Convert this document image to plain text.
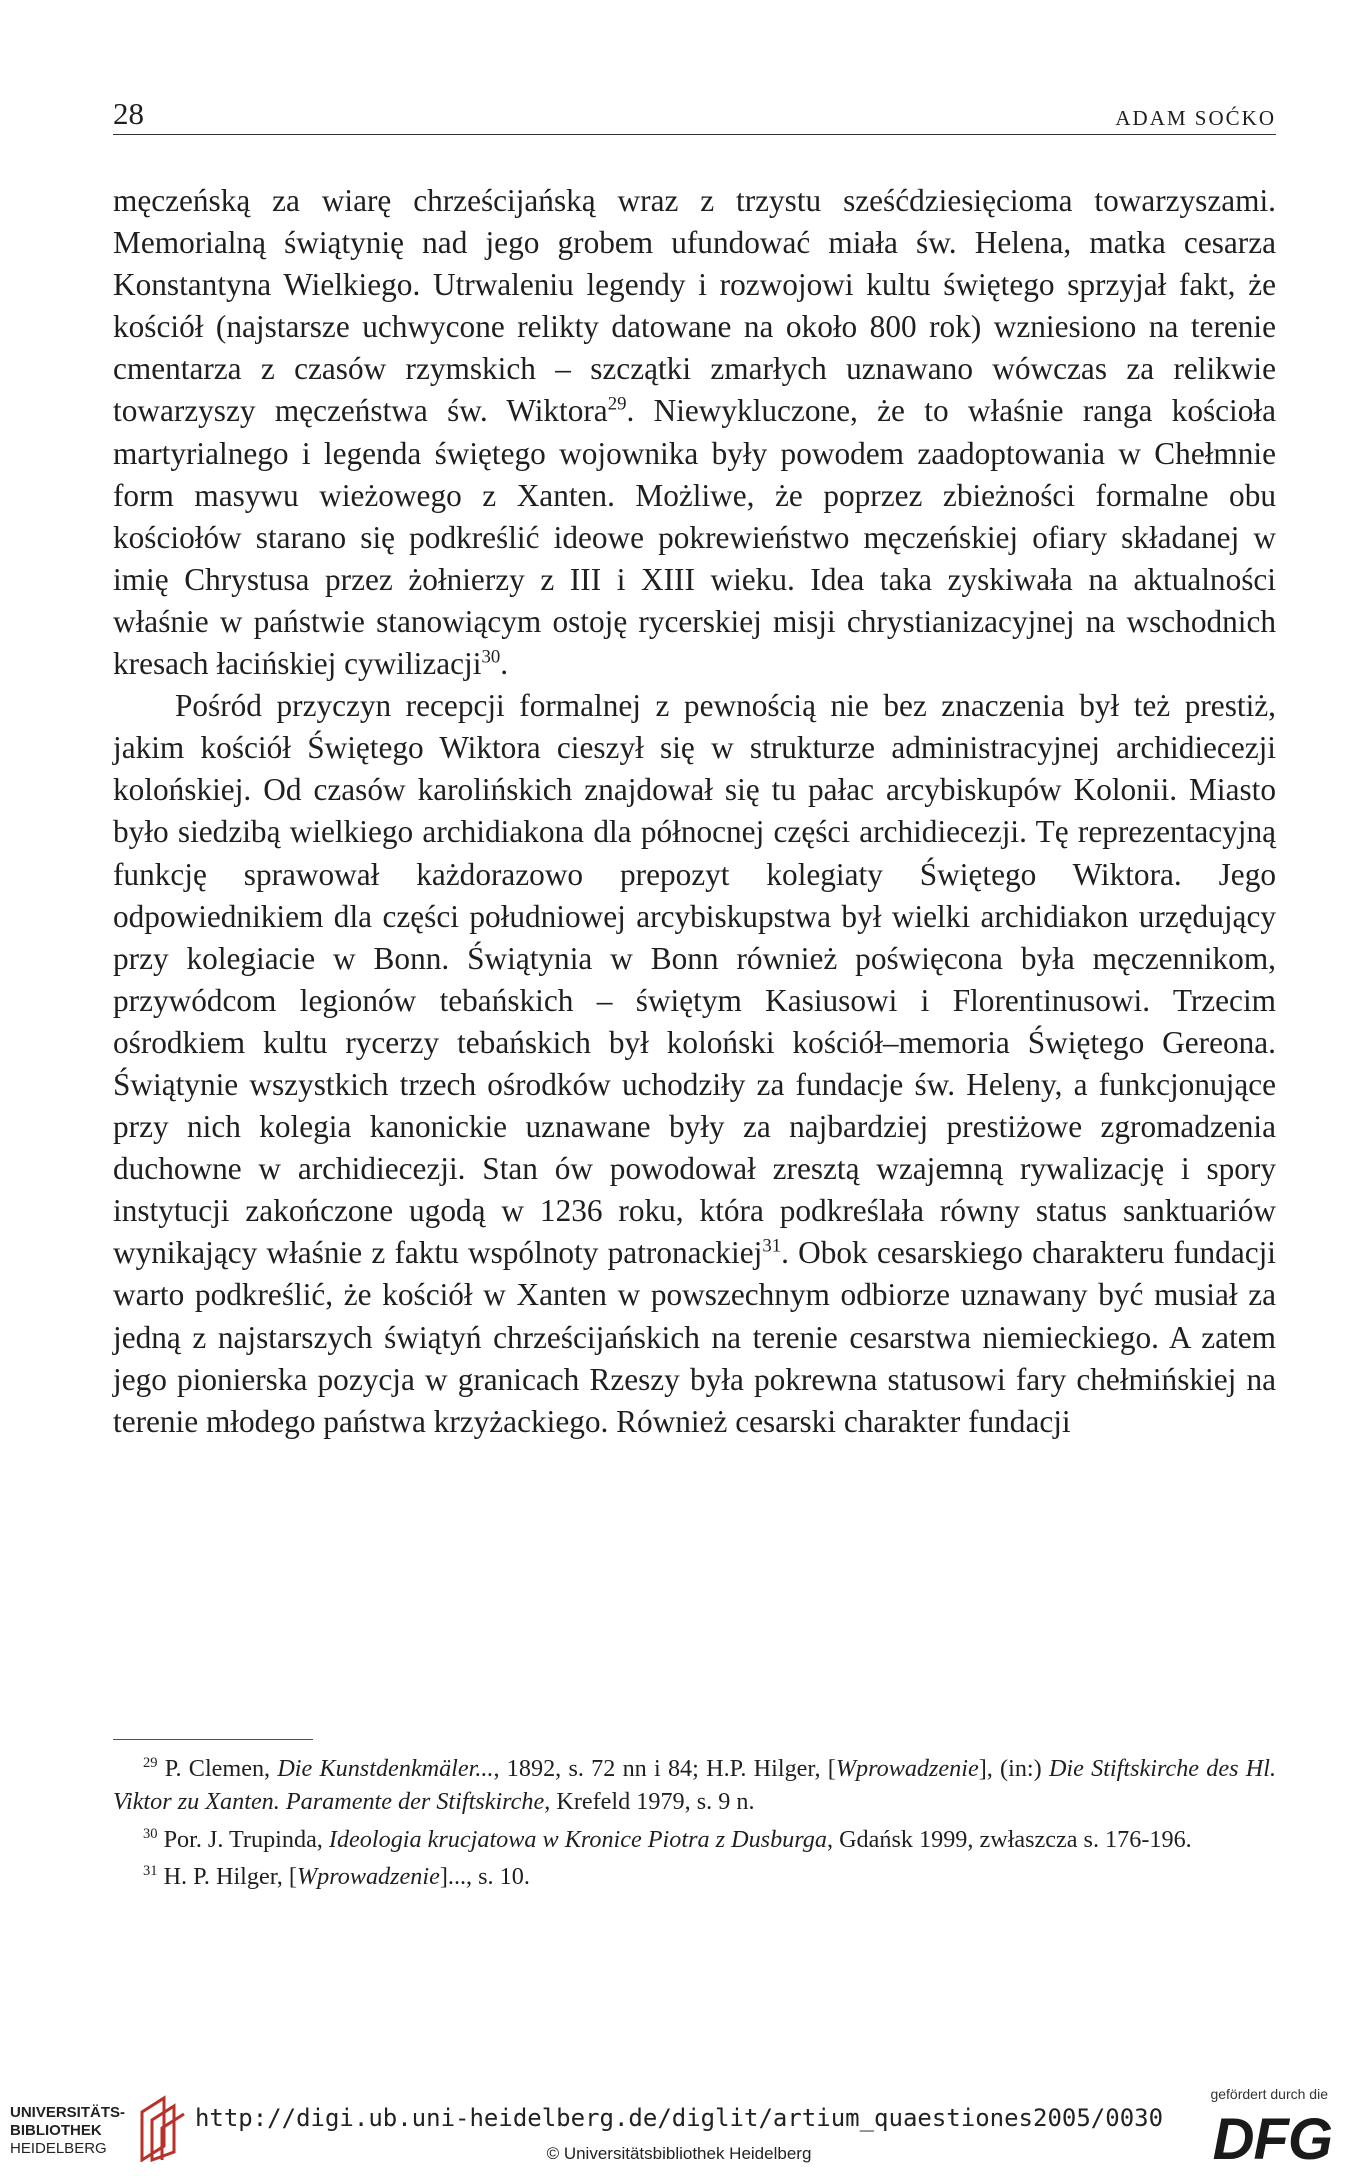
28	ADAM SOĆKO

męczeńską za wiarę chrześcijańską wraz z trzystu sześćdziesięcioma towarzyszami. Memorialną świątynię nad jego grobem ufundować miała św. Helena, matka cesarza Konstantyna Wielkiego. Utrwaleniu legendy i rozwojowi kultu świętego sprzyjał fakt, że kościół (najstarsze uchwycone relikty datowane na około 800 rok) wzniesiono na terenie cmentarza z czasów rzymskich – szczątki zmarłych uznawano wówczas za relikwie towarzyszy męczeństwa św. Wiktora$^{29}$. Niewykluczone, że to właśnie ranga kościoła martyrialnego i legenda świętego wojownika były powodem zaadoptowania w Chełmnie form masywu wieżowego z Xanten. Możliwe, że poprzez zbieżności formalne obu kościołów starano się podkreślić ideowe pokrewieństwo męczeńskiej ofiary składanej w imię Chrystusa przez żołnierzy z III i XIII wieku. Idea taka zyskiwała na aktualności właśnie w państwie stanowiącym ostoję rycerskiej misji chrystianizacyjnej na wschodnich kresach łacińskiej cywilizacji$^{30}$.

Pośród przyczyn recepcji formalnej z pewnością nie bez znaczenia był też prestiż, jakim kościół Świętego Wiktora cieszył się w strukturze administracyjnej archidiecezji kolońskiej. Od czasów karolińskich znajdował się tu pałac arcybiskupów Kolonii. Miasto było siedzibą wielkiego archidiakona dla północnej części archidiecezji. Tę reprezentacyjną funkcję sprawował każdorazowo prepozyt kolegiaty Świętego Wiktora. Jego odpowiednikiem dla części południowej arcybiskupstwa był wielki archidiakon urzędujący przy kolegiacie w Bonn. Świątynia w Bonn również poświęcona była męczennikom, przywódcom legionów tebańskich – świętym Kasiusowi i Florentinusowi. Trzecim ośrodkiem kultu rycerzy tebańskich był koloński kościół–memoria Świętego Gereona. Świątynie wszystkich trzech ośrodków uchodziły za fundacje św. Heleny, a funkcjonujące przy nich kolegia kanonickie uznawane były za najbardziej prestiżowe zgromadzenia duchowne w archidiecezji. Stan ów powodował zresztą wzajemną rywalizację i spory instytucji zakończone ugodą w 1236 roku, która podkreślała równy status sanktuariów wynikający właśnie z faktu wspólnoty patronackiej$^{31}$. Obok cesarskiego charakteru fundacji warto podkreślić, że kościół w Xanten w powszechnym odbiorze uznawany być musiał za jedną z najstarszych świątyń chrześcijańskich na terenie cesarstwa niemieckiego. A zatem jego pionierska pozycja w granicach Rzeszy była pokrewna statusowi fary chełmińskiej na terenie młodego państwa krzyżackiego. Również cesarski charakter fundacji

$^{29}$ P. Clemen, Die Kunstdenkmäler..., 1892, s. 72 nn i 84; H.P. Hilger, [Wprowadzenie], (in:) Die Stiftskirche des Hl. Viktor zu Xanten. Paramente der Stiftskirche, Krefeld 1979, s. 9 n.

$^{30}$ Por. J. Trupinda, Ideologia krucjatowa w Kronice Piotra z Dusburga, Gdańsk 1999, zwłaszcza s. 176-196.

$^{31}$ H. P. Hilger, [Wprowadzenie]..., s. 10.

UNIVERSITÄTS-
BIBLIOTHEK
HEIDELBERG
http://digi.ub.uni-heidelberg.de/diglit/artium_quaestiones2005/0030
© Universitätsbibliothek Heidelberg
gefördert durch die
DFG
